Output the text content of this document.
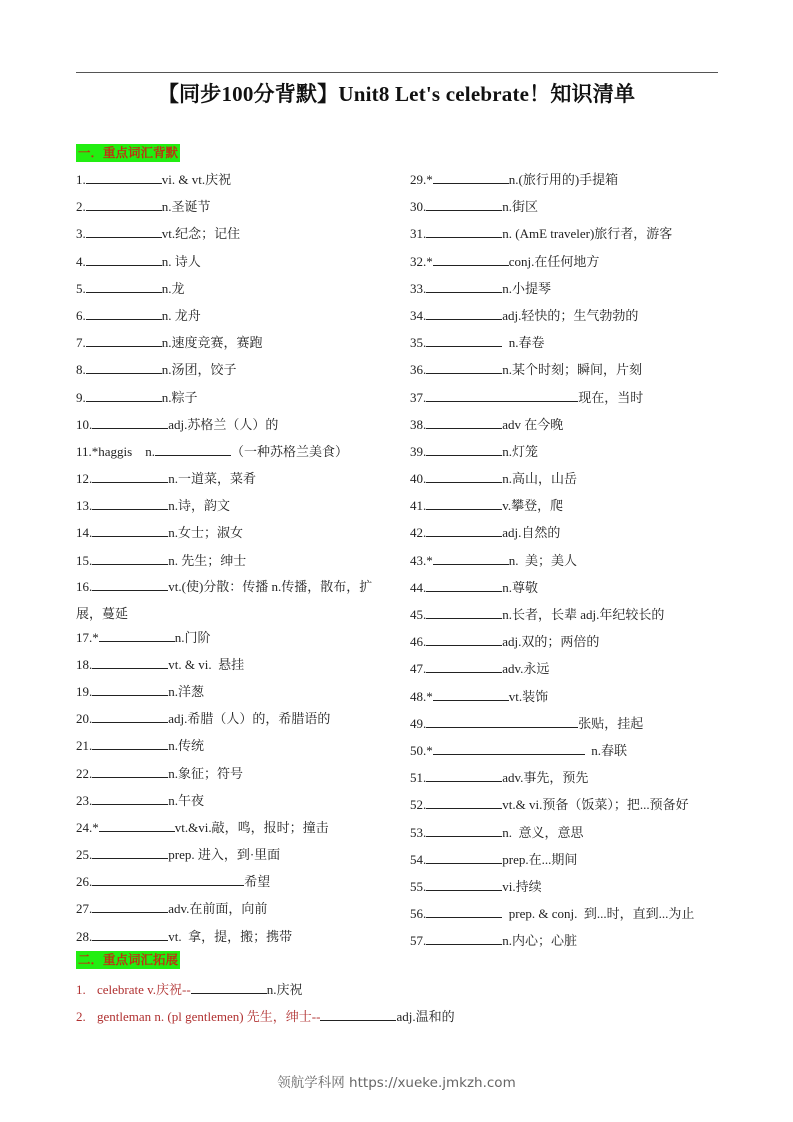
【同步100分背默】Unit8 Let's celebrate！知识清单
一．重点词汇背默
1.	vi. & vt.庆祝
2.	n.圣诞节
3.	vt.纪念；记住
4.	n. 诗人
5.	n.龙
6.	n. 龙舟
7.	n.速度竞赛，赛跑
8.	n.汤团，饺子
9.	n.粽子
10.	adj.苏格兰（人）的
11.*haggis　n.	（一种苏格兰美食）
12.	n.一道菜，菜肴
13.	n.诗，韵文
14.	n.女士；淑女
15.	n. 先生；绅士
16.	vt.(使)分散：传播 n.传播，散布，扩展，蔓延
17.*	n.门阶
18.	vt. & vi.  悬挂
19.	n.洋葱
20.	adj.希腊（人）的，希腊语的
21.	n.传统
22.	n.象征；符号
23.	n.午夜
24.*	vt.&vi.敲，鸣，报时；撞击
25.	prep. 进入，到·里面
26.	希望
27.	adv.在前面，向前
28.	vt.  拿，提，搬；携带
29.*	n.(旅行用的)手提箱
30.	n.街区
31.	n. (AmE traveler)旅行者，游客
32.*	conj.在任何地方
33.	n.小提琴
34.	adj.轻快的；生气勃勃的
35.	n.春卷
36.	n.某个时刻；瞬间，片刻
37.	现在，当时
38.	adv 在今晚
39.	n.灯笼
40.	n.高山，山岳
41.	v.攀登，爬
42.	adj.自然的
43.*	n.  美；美人
44.	n.尊敬
45.	n.长者，长辈 adj.年纪较长的
46.	adj.双的；两倍的
47.	adv.永远
48.*	vt.装饰
49.	张贴，挂起
50.*	n.春联
51.	adv.事先，预先
52.	vt.& vi.预备（饭菜）；把...预备好
53.	n.  意义，意思
54.	prep.在...期间
55.	vi.持续
56.	prep. & conj.  到...时，直到...为止
57.	n.内心；心脏
二．重点词汇拓展
1. celebrate v.庆祝--	n.庆祝
2. gentleman n. (pl gentlemen) 先生，绅士--	adj.温和的
领航学科网 https://xueke.jmkzh.com
